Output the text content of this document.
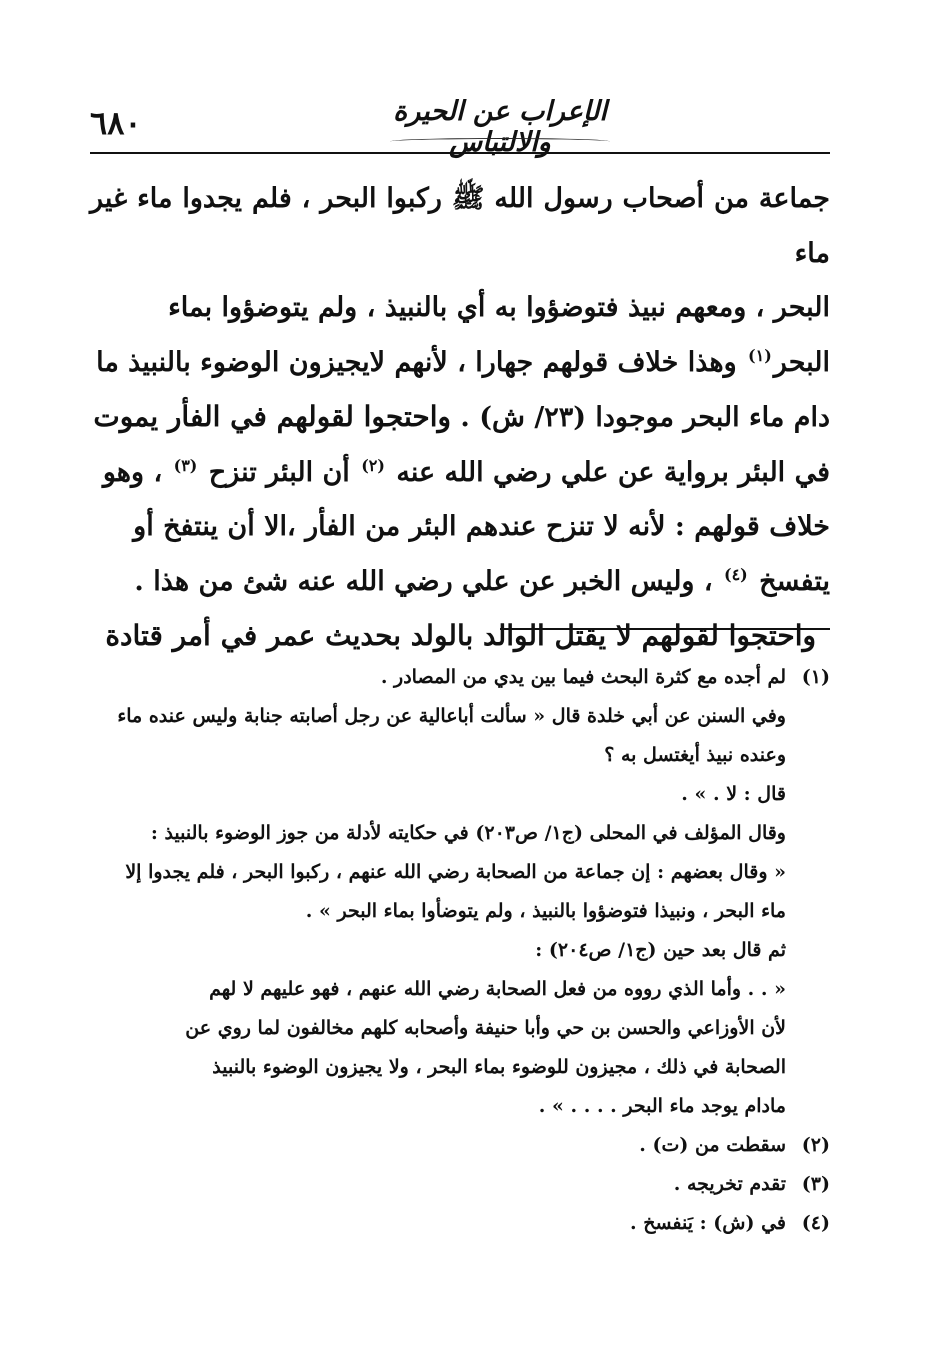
٦٨٠	الإعراب عن الحيرة والالتباس

جماعة من أصحاب رسول الله ﷺ ركبوا البحر ، فلم يجدوا ماء غير ماء

البحر ، ومعهم نبيذ فتوضؤوا به أي بالنبيذ ، ولم يتوضؤوا بماء

البحر$^{(١)}$ وهذا خلاف قولهم جهارا ، لأنهم لايجيزون الوضوء بالنبيذ ما

دام ماء البحر موجودا (٢٣/ ش) . واحتجوا لقولهم في الفأر يموت

في البئر برواية عن علي رضي الله عنه $^{(٢)}$ أن البئر تنزح $^{(٣)}$ ، وهو

خلاف قولهم : لأنه لا تنزح عندهم البئر من الفأر ،الا أن ينتفخ أو

يتفسخ $^{(٤)}$ ، وليس الخبر عن علي رضي الله عنه شئ من هذا .

واحتجوا لقولهم لا يقتل الوالد بالولد بحديث عمر في أمر قتادة

(١)

لم أجده مع كثرة البحث فيما بين يدي من المصادر .

وفي السنن عن أبي خلدة قال « سألت أباعالية عن رجل أصابته جنابة وليس عنده ماء

وعنده نبيذ أيغتسل به ؟

قال : لا . » .

وقال المؤلف في المحلى (ج١/ ص٢٠٣) في حكايته لأدلة من جوز الوضوء بالنبيذ :

« وقال بعضهم : إن جماعة من الصحابة رضي الله عنهم ، ركبوا البحر ، فلم يجدوا إلا

ماء البحر ، ونبيذا فتوضؤوا بالنبيذ ، ولم يتوضأوا بماء البحر » .

ثم قال بعد حين (ج١/ ص٢٠٤) :

« . . وأما الذي رووه من فعل الصحابة رضي الله عنهم ، فهو عليهم لا لهم

لأن الأوزاعي والحسن بن حي وأبا حنيفة وأصحابه كلهم مخالفون لما روي عن

الصحابة في ذلك ، مجيزون للوضوء بماء البحر ، ولا يجيزون الوضوء بالنبيذ

مادام يوجد ماء البحر . . . . » .

(٢)

سقطت من (ت) .

(٣)

تقدم تخريجه .

(٤)

في (ش) : يَنفسخ .
